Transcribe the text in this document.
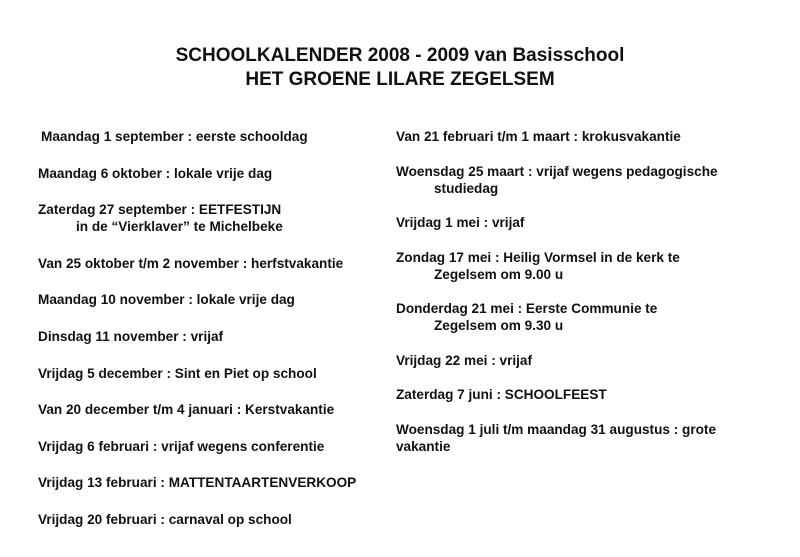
SCHOOLKALENDER 2008 - 2009 van Basisschool
HET GROENE LILARE ZEGELSEM
Maandag 1 september : eerste schooldag
Maandag 6 oktober : lokale vrije dag
Zaterdag 27 september : EETFESTIJN
in de “Vierklaver” te Michelbeke
Van 25 oktober t/m 2 november : herfstvakantie
Maandag 10 november : lokale vrije dag
Dinsdag 11 november : vrijaf
Vrijdag 5 december : Sint en Piet op school
Van 20 december t/m 4 januari : Kerstvakantie
Vrijdag 6 februari : vrijaf wegens conferentie
Vrijdag 13 februari : MATTENTAARTENVERKOOP
Vrijdag 20 februari : carnaval op school
Van 21 februari t/m 1 maart : krokusvakantie
Woensdag 25 maart : vrijaf wegens pedagogische
studiedag
Vrijdag 1 mei : vrijaf
Zondag 17 mei : Heilig Vormsel in de kerk te
Zegelsem om 9.00 u
Donderdag 21 mei : Eerste Communie te
Zegelsem om 9.30 u
Vrijdag 22 mei : vrijaf
Zaterdag 7 juni : SCHOOLFEEST
Woensdag 1 juli t/m maandag 31 augustus : grote
vakantie
